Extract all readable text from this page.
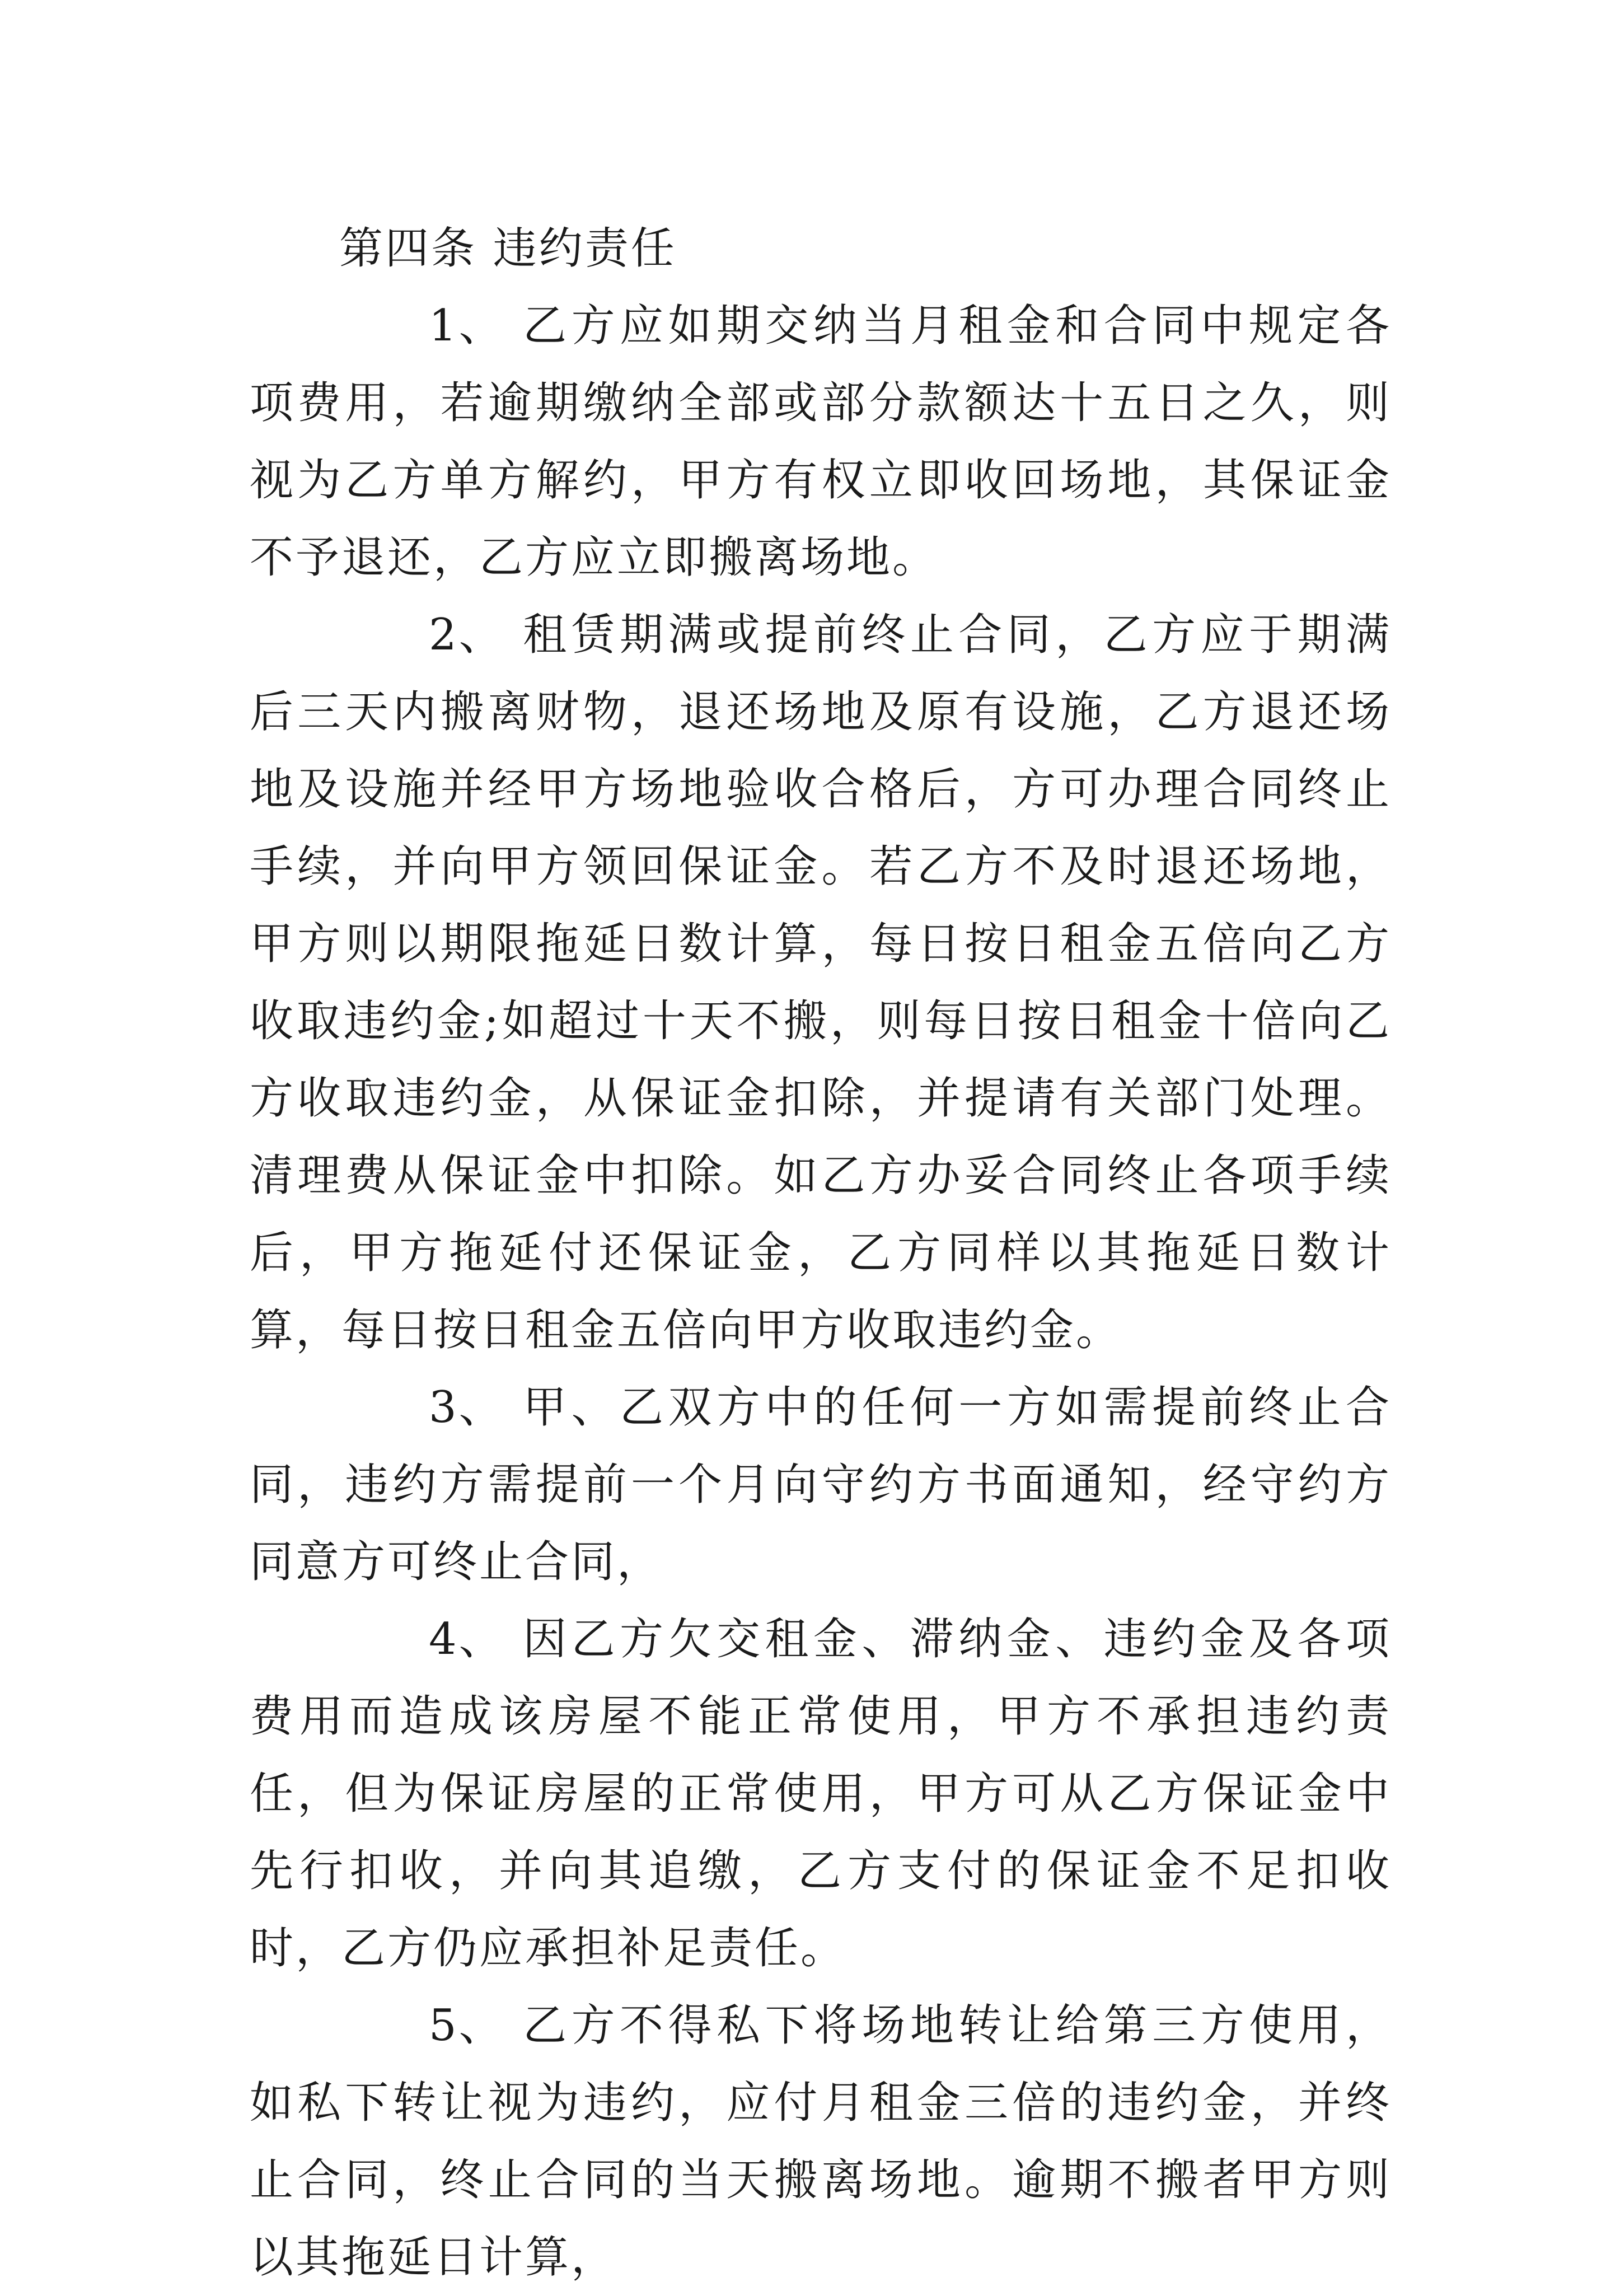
第四条 违约责任

1、 乙方应如期交纳当月租金和合同中规定各项费用，若逾期缴纳全部或部分款额达十五日之久，则视为乙方单方解约，甲方有权立即收回场地，其保证金不予退还，乙方应立即搬离场地。

2、 租赁期满或提前终止合同，乙方应于期满后三天内搬离财物，退还场地及原有设施，乙方退还场地及设施并经甲方场地验收合格后，方可办理合同终止手续，并向甲方领回保证金。若乙方不及时退还场地，甲方则以期限拖延日数计算，每日按日租金五倍向乙方收取违约金;如超过十天不搬，则每日按日租金十倍向乙方收取违约金，从保证金扣除，并提请有关部门处理。清理费从保证金中扣除。如乙方办妥合同终止各项手续后，甲方拖延付还保证金，乙方同样以其拖延日数计算，每日按日租金五倍向甲方收取违约金。

3、 甲、乙双方中的任何一方如需提前终止合同，违约方需提前一个月向守约方书面通知，经守约方同意方可终止合同，

4、 因乙方欠交租金、滞纳金、违约金及各项费用而造成该房屋不能正常使用，甲方不承担违约责任，但为保证房屋的正常使用，甲方可从乙方保证金中先行扣收，并向其追缴，乙方支付的保证金不足扣收时，乙方仍应承担补足责任。

5、 乙方不得私下将场地转让给第三方使用，如私下转让视为违约，应付月租金三倍的违约金，并终止合同，终止合同的当天搬离场地。逾期不搬者甲方则以其拖延日计算，
